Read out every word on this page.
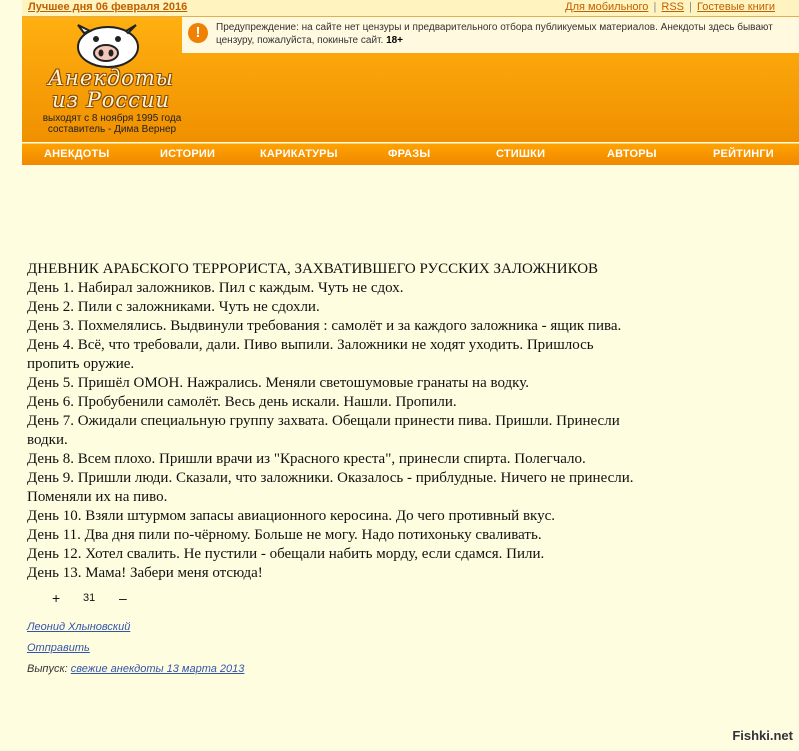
Лучшее дня 06 февраля 2016	Для мобильного | RSS | Гостевые книги
!	Предупреждение: на сайте нет цензуры и предварительного отбора публикуемых материалов. Анекдоты здесь бывают
цензуру, пожалуйста, покиньте сайт. 18+
Анекдоты
из России
выходят с 8 ноября 1995 года
составитель - Дима Вернер
АНЕКДОТЫ	ИСТОРИИ	КАРИКАТУРЫ	ФРАЗЫ	СТИШКИ	АВТОРЫ	РЕЙТИНГИ
ДНЕВНИК АРАБСКОГО ТЕРРОРИСТА, ЗАХВАТИВШЕГО РУССКИХ ЗАЛОЖНИКОВ
День 1. Набирал заложников. Пил с каждым. Чуть не сдох.
День 2. Пили с заложниками. Чуть не сдохли.
День 3. Похмелялись. Выдвинули требования : самолёт и за каждого заложника - ящик пива.
День 4. Всё, что требовали, дали. Пиво выпили. Заложники не ходят уходить. Пришлось
пропить оружие.
День 5. Пришёл ОМОН. Нажрались. Меняли светошумовые гранаты на водку.
День 6. Пробубенили самолёт. Весь день искали. Нашли. Пропили.
День 7. Ожидали специальную группу захвата. Обещали принести пива. Пришли. Принесли
водки.
День 8. Всем плохо. Пришли врачи из "Красного креста", принесли спирта. Полегчало.
День 9. Пришли люди. Сказали, что заложники. Оказалось - приблудные. Ничего не принесли.
Поменяли их на пиво.
День 10. Взяли штурмом запасы авиационного керосина. До чего противный вкус.
День 11. Два дня пили по-чёрному. Больше не могу. Надо потихоньку сваливать.
День 12. Хотел свалить. Не пустили - обещали набить морду, если сдамся. Пили.
День 13. Мама! Забери меня отсюда!
+ 31 –
Леонид Хлыновский
Отправить
Выпуск: свежие анекдоты 13 марта 2013
Fishki.net
